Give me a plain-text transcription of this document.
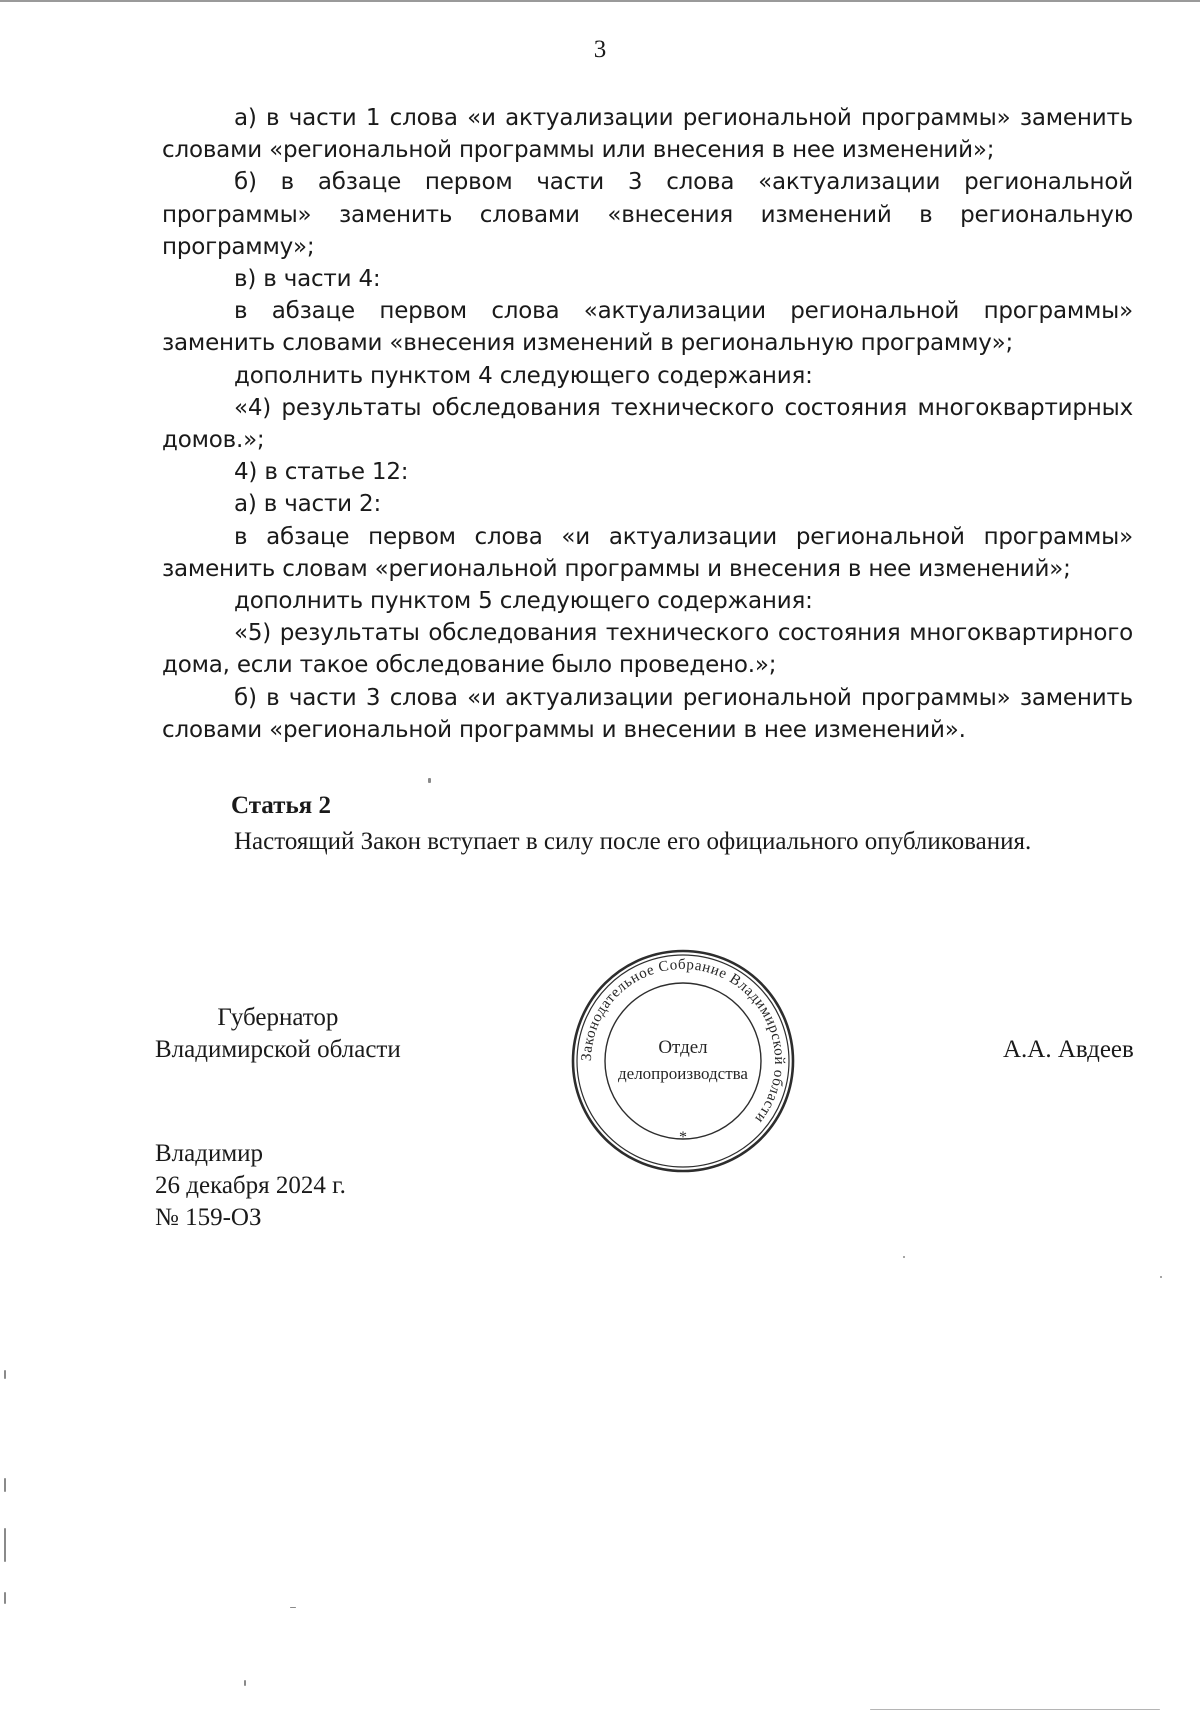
3

а) в части 1 слова «и актуализации региональной программы» заменить словами «региональной программы или внесения в нее изменений»;

б) в абзаце первом части 3 слова «актуализации региональной программы» заменить словами «внесения изменений в региональную программу»;

в) в части 4:

в абзаце первом слова «актуализации региональной программы» заменить словами «внесения изменений в региональную программу»;

дополнить пунктом 4 следующего содержания:

«4) результаты обследования технического состояния многоквартирных домов.»;

4) в статье 12:

а) в части 2:

в абзаце первом слова «и актуализации региональной программы» заменить словам «региональной программы и внесения в нее изменений»;

дополнить пунктом 5 следующего содержания:

«5) результаты обследования технического состояния многоквартирного дома, если такое обследование было проведено.»;

б) в части 3 слова «и актуализации региональной программы» заменить словами «региональной программы и внесении в нее изменений».

Статья 2

Настоящий Закон вступает в силу после его официального опубликования.

Губернатор
Владимирской области	Законодательное Собрание Владимирской области
*
Отдел
делопроизводства
А.А. Авдеев
Владимир
26 декабря 2024 г.
№ 159-ОЗ
